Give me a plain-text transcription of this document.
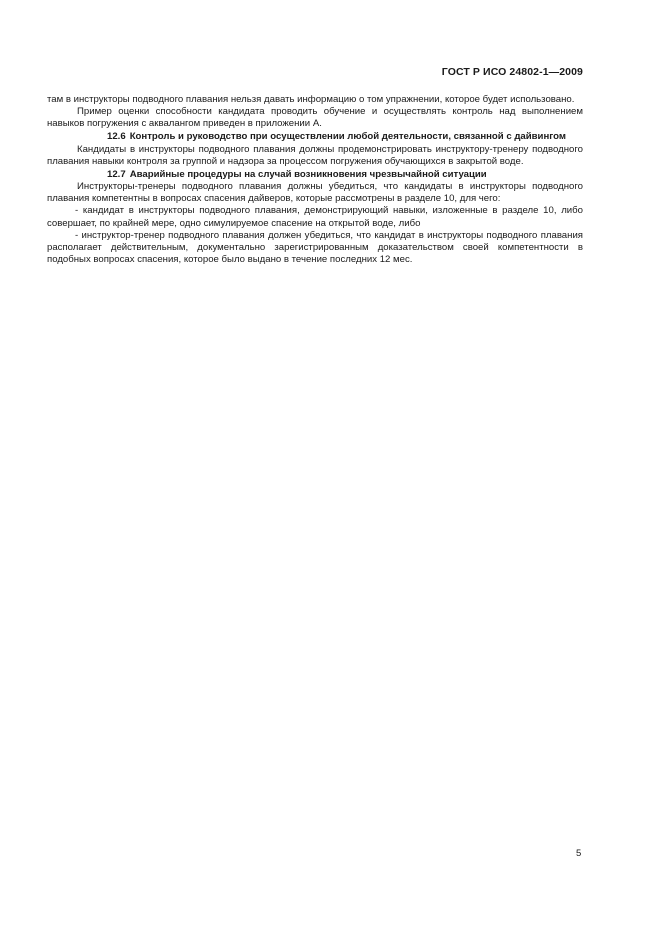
ГОСТ Р ИСО 24802-1—2009

там в инструкторы подводного плавания нельзя давать информацию о том упражнении, которое будет использовано.

Пример оценки способности кандидата проводить обучение и осуществлять контроль над выполнением навыков погружения с аквалангом приведен в приложении А.

12.6 Контроль и руководство при осуществлении любой деятельности, связанной с дайвингом

Кандидаты в инструкторы подводного плавания должны продемонстрировать инструктору-тренеру подводного плавания навыки контроля за группой и надзора за процессом погружения обучающихся в закрытой воде.

12.7 Аварийные процедуры на случай возникновения чрезвычайной ситуации

Инструкторы-тренеры подводного плавания должны убедиться, что кандидаты в инструкторы подводного плавания компетентны в вопросах спасения дайверов, которые рассмотрены в разделе 10, для чего:

- кандидат в инструкторы подводного плавания, демонстрирующий навыки, изложенные в разделе 10, либо совершает, по крайней мере, одно симулируемое спасение на открытой воде, либо

- инструктор-тренер подводного плавания должен убедиться, что кандидат в инструкторы подводного плавания располагает действительным, документально зарегистрированным доказательством своей компетентности в подобных вопросах спасения, которое было выдано в течение последних 12 мес.

5
